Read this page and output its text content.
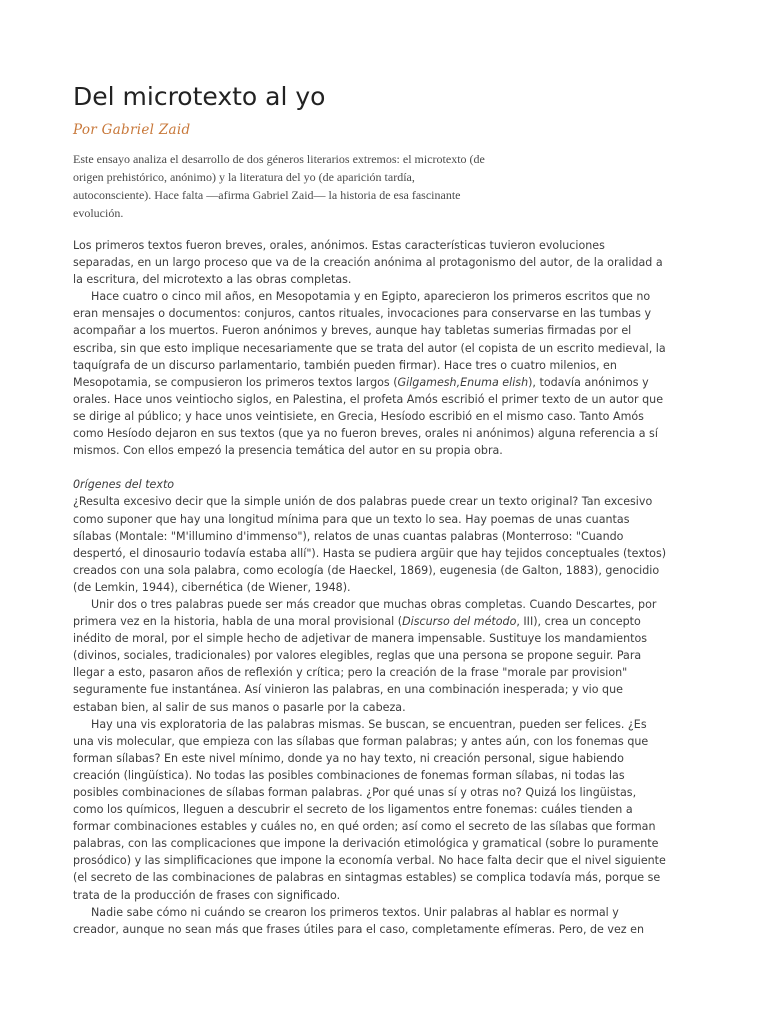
Del microtexto al yo
Por Gabriel Zaid
Este ensayo analiza el desarrollo de dos géneros literarios extremos: el microtexto (de
origen prehistórico, anónimo) y la literatura del yo (de aparición tardía,
autoconsciente). Hace falta —afirma Gabriel Zaid— la historia de esa fascinante
evolución.
Los primeros textos fueron breves, orales, anónimos. Estas características tuvieron evoluciones
separadas, en un largo proceso que va de la creación anónima al protagonismo del autor, de la oralidad a
la escritura, del microtexto a las obras completas.
Hace cuatro o cinco mil años, en Mesopotamia y en Egipto, aparecieron los primeros escritos que no
eran mensajes o documentos: conjuros, cantos rituales, invocaciones para conservarse en las tumbas y
acompañar a los muertos. Fueron anónimos y breves, aunque hay tabletas sumerias firmadas por el
escriba, sin que esto implique necesariamente que se trata del autor (el copista de un escrito medieval, la
taquígrafa de un discurso parlamentario, también pueden firmar). Hace tres o cuatro milenios, en
Mesopotamia, se compusieron los primeros textos largos (Gilgamesh,Enuma elish), todavía anónimos y
orales. Hace unos veintiocho siglos, en Palestina, el profeta Amós escribió el primer texto de un autor que
se dirige al público; y hace unos veintisiete, en Grecia, Hesíodo escribió en el mismo caso. Tanto Amós
como Hesíodo dejaron en sus textos (que ya no fueron breves, orales ni anónimos) alguna referencia a sí
mismos. Con ellos empezó la presencia temática del autor en su propia obra.
0rígenes del texto
¿Resulta excesivo decir que la simple unión de dos palabras puede crear un texto original? Tan excesivo
como suponer que hay una longitud mínima para que un texto lo sea. Hay poemas de unas cuantas
sílabas (Montale: "M'illumino d'immenso"), relatos de unas cuantas palabras (Monterroso: "Cuando
despertó, el dinosaurio todavía estaba allí"). Hasta se pudiera argüir que hay tejidos conceptuales (textos)
creados con una sola palabra, como ecología (de Haeckel, 1869), eugenesia (de Galton, 1883), genocidio
(de Lemkin, 1944), cibernética (de Wiener, 1948).
Unir dos o tres palabras puede ser más creador que muchas obras completas. Cuando Descartes, por
primera vez en la historia, habla de una moral provisional (Discurso del método, III), crea un concepto
inédito de moral, por el simple hecho de adjetivar de manera impensable. Sustituye los mandamientos
(divinos, sociales, tradicionales) por valores elegibles, reglas que una persona se propone seguir. Para
llegar a esto, pasaron años de reflexión y crítica; pero la creación de la frase "morale par provision"
seguramente fue instantánea. Así vinieron las palabras, en una combinación inesperada; y vio que
estaban bien, al salir de sus manos o pasarle por la cabeza.
Hay una vis exploratoria de las palabras mismas. Se buscan, se encuentran, pueden ser felices. ¿Es
una vis molecular, que empieza con las sílabas que forman palabras; y antes aún, con los fonemas que
forman sílabas? En este nivel mínimo, donde ya no hay texto, ni creación personal, sigue habiendo
creación (lingüística). No todas las posibles combinaciones de fonemas forman sílabas, ni todas las
posibles combinaciones de sílabas forman palabras. ¿Por qué unas sí y otras no? Quizá los lingüistas,
como los químicos, lleguen a descubrir el secreto de los ligamentos entre fonemas: cuáles tienden a
formar combinaciones estables y cuáles no, en qué orden; así como el secreto de las sílabas que forman
palabras, con las complicaciones que impone la derivación etimológica y gramatical (sobre lo puramente
prosódico) y las simplificaciones que impone la economía verbal. No hace falta decir que el nivel siguiente
(el secreto de las combinaciones de palabras en sintagmas estables) se complica todavía más, porque se
trata de la producción de frases con significado.
Nadie sabe cómo ni cuándo se crearon los primeros textos. Unir palabras al hablar es normal y
creador, aunque no sean más que frases útiles para el caso, completamente efímeras. Pero, de vez en
